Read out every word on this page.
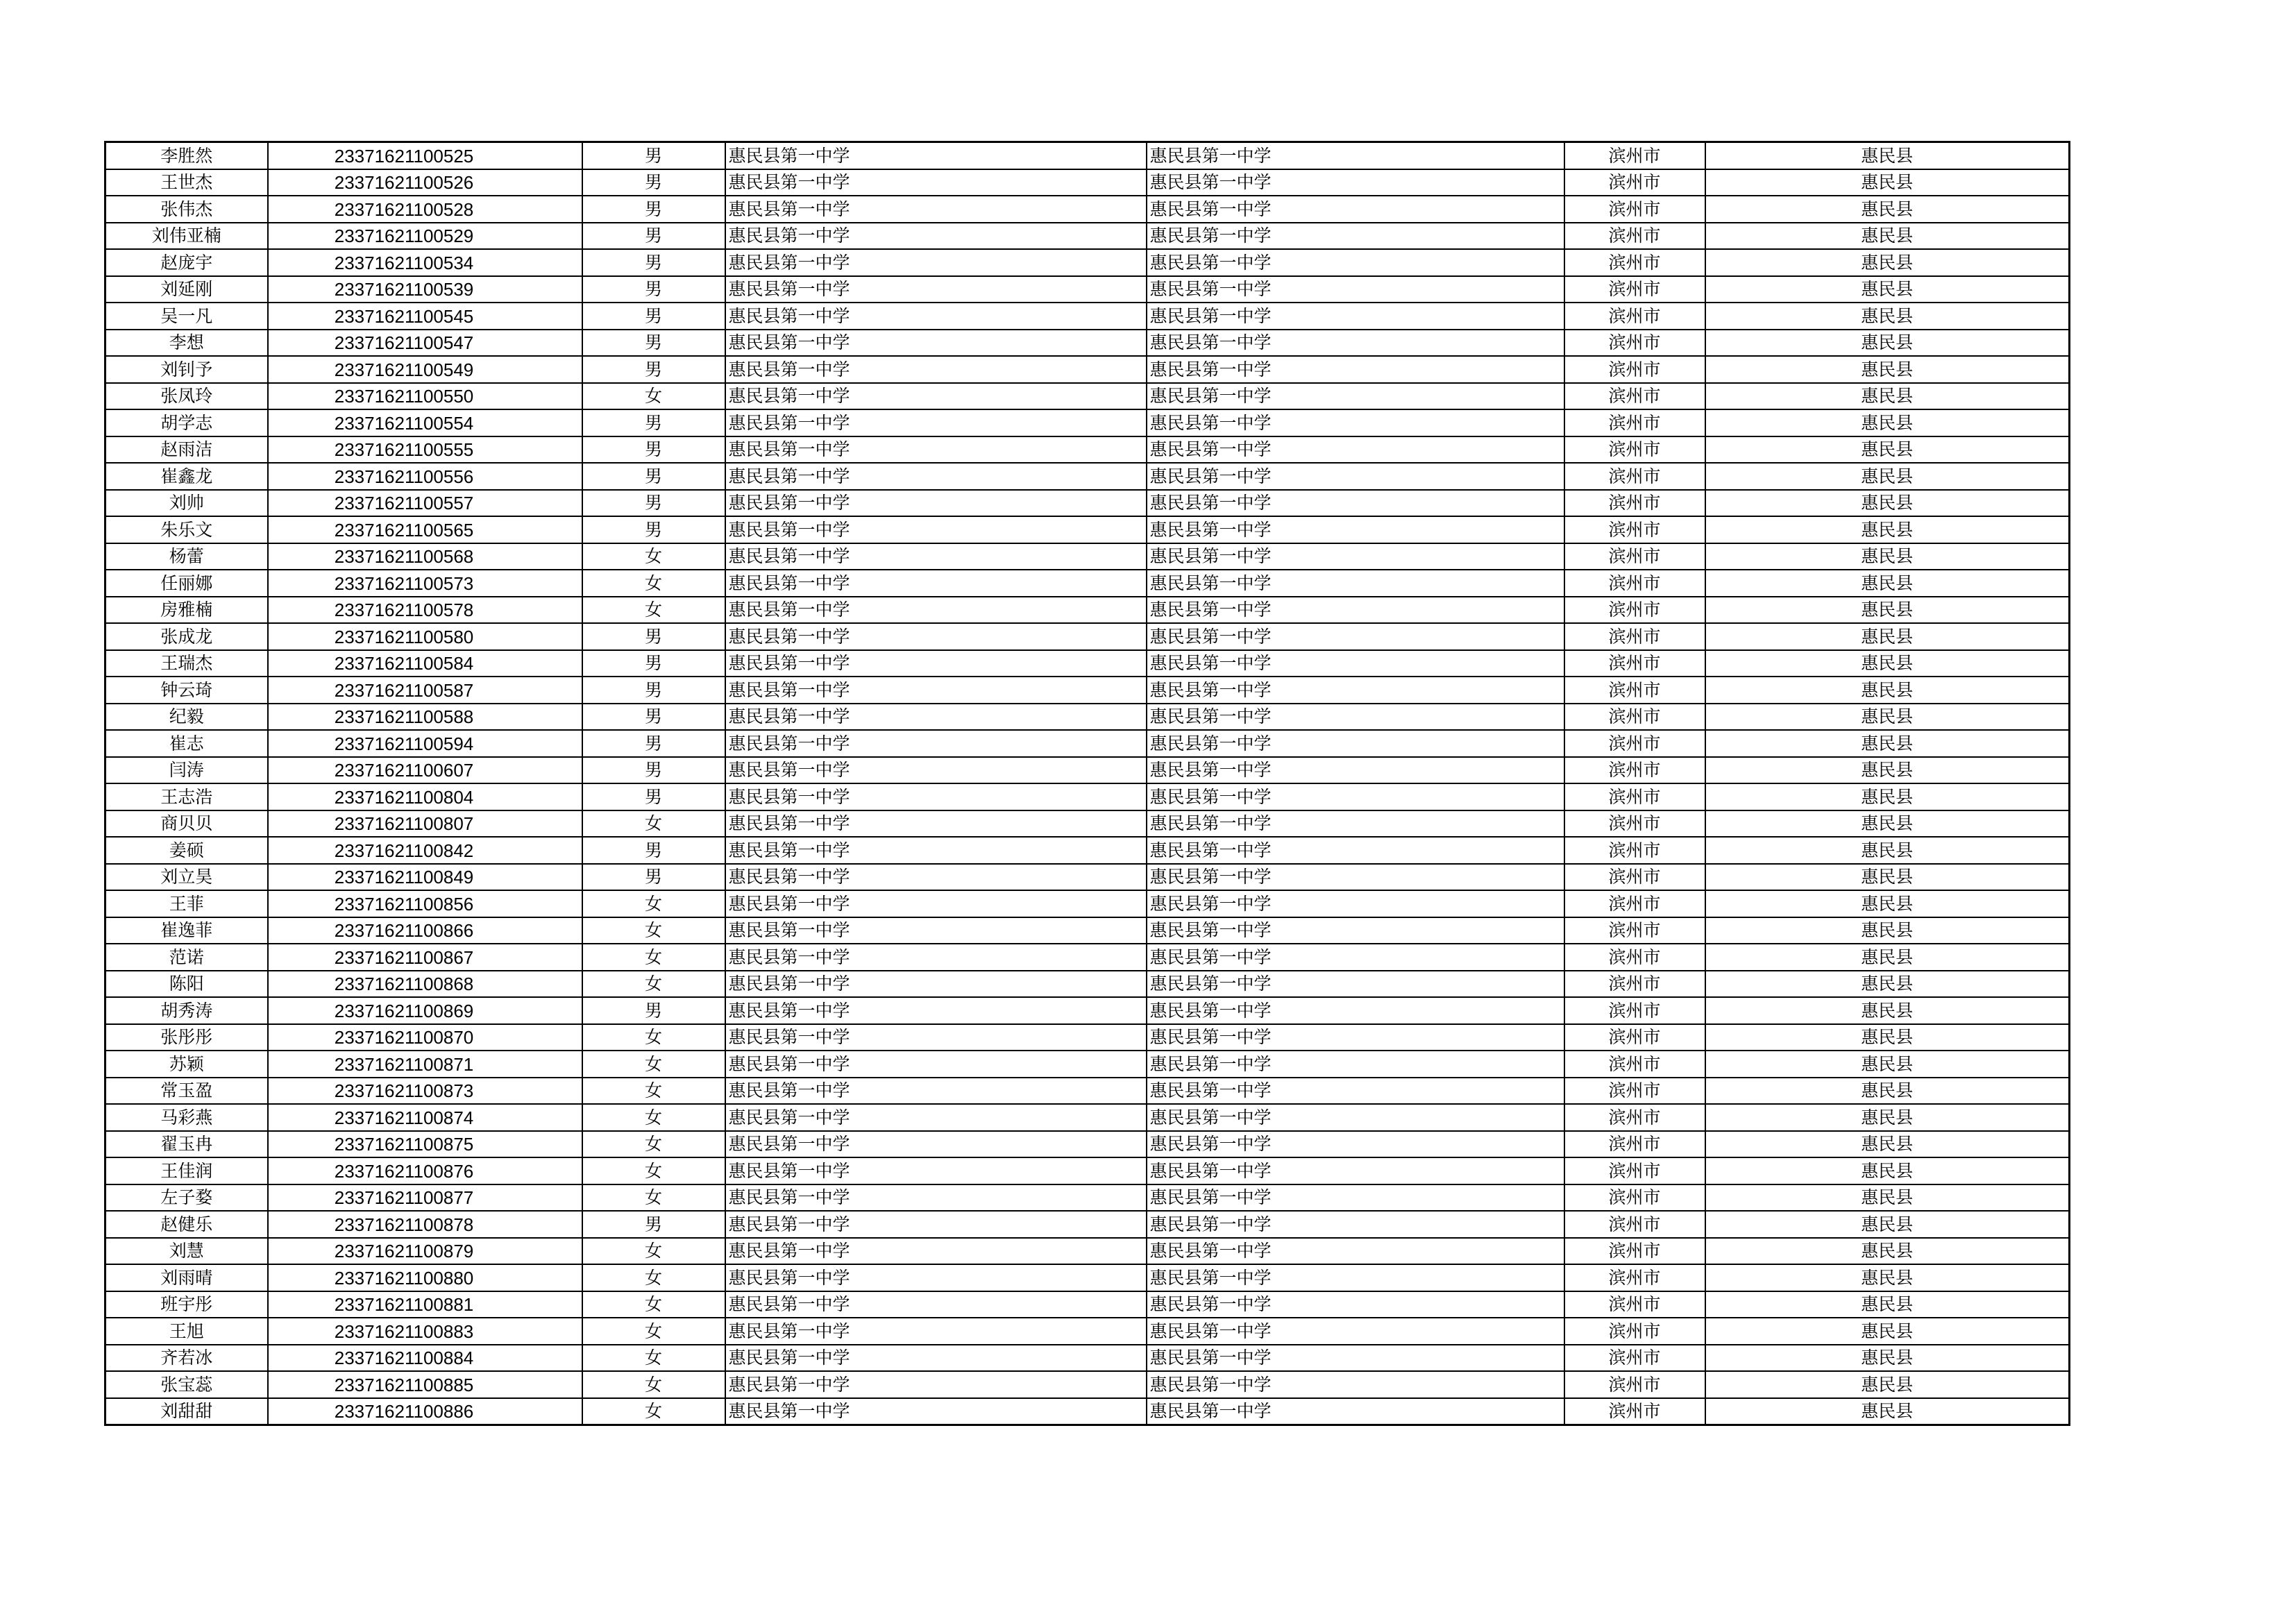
李胜然	23371621100525	男	惠民县第一中学	惠民县第一中学	滨州市	惠民县
王世杰	23371621100526	男	惠民县第一中学	惠民县第一中学	滨州市	惠民县
张伟杰	23371621100528	男	惠民县第一中学	惠民县第一中学	滨州市	惠民县
刘伟亚楠	23371621100529	男	惠民县第一中学	惠民县第一中学	滨州市	惠民县
赵庞宇	23371621100534	男	惠民县第一中学	惠民县第一中学	滨州市	惠民县
刘延刚	23371621100539	男	惠民县第一中学	惠民县第一中学	滨州市	惠民县
吴一凡	23371621100545	男	惠民县第一中学	惠民县第一中学	滨州市	惠民县
李想	23371621100547	男	惠民县第一中学	惠民县第一中学	滨州市	惠民县
刘钊予	23371621100549	男	惠民县第一中学	惠民县第一中学	滨州市	惠民县
张凤玲	23371621100550	女	惠民县第一中学	惠民县第一中学	滨州市	惠民县
胡学志	23371621100554	男	惠民县第一中学	惠民县第一中学	滨州市	惠民县
赵雨洁	23371621100555	男	惠民县第一中学	惠民县第一中学	滨州市	惠民县
崔鑫龙	23371621100556	男	惠民县第一中学	惠民县第一中学	滨州市	惠民县
刘帅	23371621100557	男	惠民县第一中学	惠民县第一中学	滨州市	惠民县
朱乐文	23371621100565	男	惠民县第一中学	惠民县第一中学	滨州市	惠民县
杨蕾	23371621100568	女	惠民县第一中学	惠民县第一中学	滨州市	惠民县
任丽娜	23371621100573	女	惠民县第一中学	惠民县第一中学	滨州市	惠民县
房雅楠	23371621100578	女	惠民县第一中学	惠民县第一中学	滨州市	惠民县
张成龙	23371621100580	男	惠民县第一中学	惠民县第一中学	滨州市	惠民县
王瑞杰	23371621100584	男	惠民县第一中学	惠民县第一中学	滨州市	惠民县
钟云琦	23371621100587	男	惠民县第一中学	惠民县第一中学	滨州市	惠民县
纪毅	23371621100588	男	惠民县第一中学	惠民县第一中学	滨州市	惠民县
崔志	23371621100594	男	惠民县第一中学	惠民县第一中学	滨州市	惠民县
闫涛	23371621100607	男	惠民县第一中学	惠民县第一中学	滨州市	惠民县
王志浩	23371621100804	男	惠民县第一中学	惠民县第一中学	滨州市	惠民县
商贝贝	23371621100807	女	惠民县第一中学	惠民县第一中学	滨州市	惠民县
姜硕	23371621100842	男	惠民县第一中学	惠民县第一中学	滨州市	惠民县
刘立昊	23371621100849	男	惠民县第一中学	惠民县第一中学	滨州市	惠民县
王菲	23371621100856	女	惠民县第一中学	惠民县第一中学	滨州市	惠民县
崔逸菲	23371621100866	女	惠民县第一中学	惠民县第一中学	滨州市	惠民县
范诺	23371621100867	女	惠民县第一中学	惠民县第一中学	滨州市	惠民县
陈阳	23371621100868	女	惠民县第一中学	惠民县第一中学	滨州市	惠民县
胡秀涛	23371621100869	男	惠民县第一中学	惠民县第一中学	滨州市	惠民县
张彤彤	23371621100870	女	惠民县第一中学	惠民县第一中学	滨州市	惠民县
苏颖	23371621100871	女	惠民县第一中学	惠民县第一中学	滨州市	惠民县
常玉盈	23371621100873	女	惠民县第一中学	惠民县第一中学	滨州市	惠民县
马彩燕	23371621100874	女	惠民县第一中学	惠民县第一中学	滨州市	惠民县
翟玉冉	23371621100875	女	惠民县第一中学	惠民县第一中学	滨州市	惠民县
王佳润	23371621100876	女	惠民县第一中学	惠民县第一中学	滨州市	惠民县
左子婺	23371621100877	女	惠民县第一中学	惠民县第一中学	滨州市	惠民县
赵健乐	23371621100878	男	惠民县第一中学	惠民县第一中学	滨州市	惠民县
刘慧	23371621100879	女	惠民县第一中学	惠民县第一中学	滨州市	惠民县
刘雨晴	23371621100880	女	惠民县第一中学	惠民县第一中学	滨州市	惠民县
班宇彤	23371621100881	女	惠民县第一中学	惠民县第一中学	滨州市	惠民县
王旭	23371621100883	女	惠民县第一中学	惠民县第一中学	滨州市	惠民县
齐若冰	23371621100884	女	惠民县第一中学	惠民县第一中学	滨州市	惠民县
张宝蕊	23371621100885	女	惠民县第一中学	惠民县第一中学	滨州市	惠民县
刘甜甜	23371621100886	女	惠民县第一中学	惠民县第一中学	滨州市	惠民县
